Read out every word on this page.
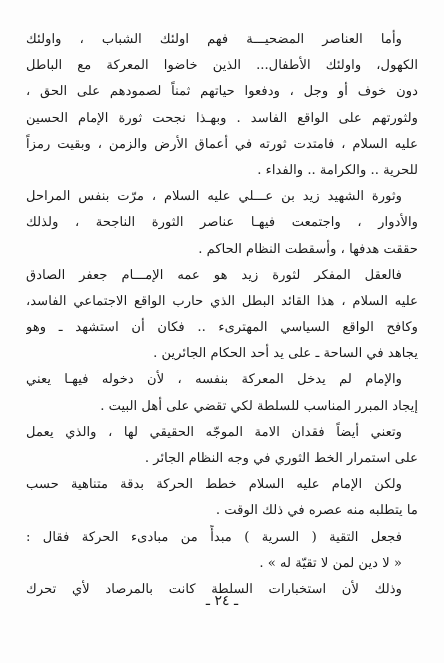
وأما العناصر المضحيـــة فهم اولئك الشباب ، واولئك
الكهول، واولئك الأطفال... الذين خاضوا المعركة مع الباطل
دون خوف أو وجل ، ودفعوا حياتهم ثمناً لصمودهم على الحق ،
ولثورتهم على الواقع الفاسد . وبهـذا نجحت ثورة الإمام الحسين
عليه السلام ، فامتدت ثورته في أعماق الأرض والزمن ، وبقيت رمزاً
للحرية .. والكرامة .. والفداء .
وثورة الشهيد زيد بن عـــلي عليه السلام ، مرّت بنفس المراحل
والأدوار ، واجتمعت فيهـا عناصر الثورة الناجحة ، ولذلك
حققت هدفها ، وأسقطت النظام الحاكم .
فالعقل المفكر لثورة زيد هو عمه الإمـــام جعفر الصادق
عليه السلام ، هذا القائد البطل الذي حارب الواقع الاجتماعي الفاسد،
وكافح الواقع السياسي المهترىء .. فكان أن استشهد ـ وهو
يجاهد في الساحة ـ على يد أحد الحكام الجائرين .
والإمام لم يدخل المعركة بنفسه ، لأن دخوله فيهـا يعني
إيجاد المبرر المناسب للسلطة لكي تقضي على أهل البيت .
وتعني أيضاً فقدان الامة الموجّه الحقيقي لها ، والذي يعمل
على استمرار الخط الثوري في وجه النظام الجائر .
ولكن الإمام عليه السلام خطط الحركة بدقة متناهية حسب
ما يتطلبه منه عصره في ذلك الوقت .
فجعل التقية ( السرية ) مبدأً من مبادىء الحركة فقال :
« لا دين لمن لا تقيّة له » .
وذلك لأن استخبارات السلطة كانت بالمرصاد لأي تحرك
ـ ٢٤ ـ
